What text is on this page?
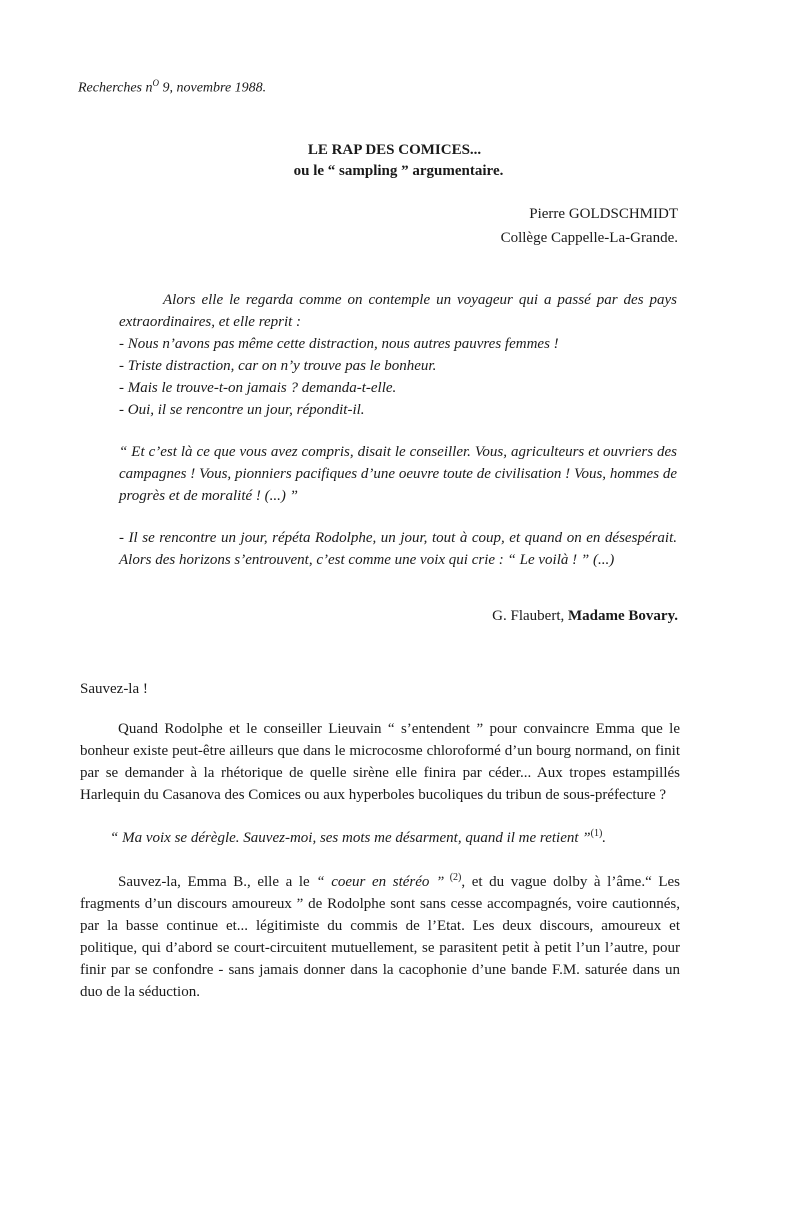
Recherches $n^O$ 9, novembre 1988.
LE RAP DES COMICES...
ou le “ sampling ” argumentaire.
Pierre GOLDSCHMIDT
Collège Cappelle-La-Grande.

Alors elle le regarda comme on contemple un voyageur qui a passé par des pays extraordinaires, et elle reprit :

- Nous n’avons pas même cette distraction, nous autres pauvres femmes !

- Triste distraction, car on n’y trouve pas le bonheur.

- Mais le trouve-t-on jamais ? demanda-t-elle.

- Oui, il se rencontre un jour, répondit-il.

“ Et c’est là ce que vous avez compris, disait le conseiller. Vous, agriculteurs et ouvriers des campagnes ! Vous, pionniers pacifiques d’une oeuvre toute de civilisation ! Vous, hommes de progrès et de moralité ! (...) ”

- Il se rencontre un jour, répéta Rodolphe, un jour, tout à coup, et quand on en désespérait. Alors des horizons s’entrouvent, c’est comme une voix qui crie : “ Le voilà ! ” (...)

G. Flaubert, Madame Bovary.

Sauvez-la !

Quand Rodolphe et le conseiller Lieuvain “ s’entendent ” pour convaincre Emma que le bonheur existe peut-être ailleurs que dans le microcosme chloroformé d’un bourg normand, on finit par se demander à la rhétorique de quelle sirène elle finira par céder... Aux tropes estampillés Harlequin du Casanova des Comices ou aux hyperboles bucoliques du tribun de sous-préfecture ?

“ Ma voix se dérègle. Sauvez-moi, ses mots me désarment, quand il me retient ”$^{(1)}$.

Sauvez-la, Emma B., elle a le “ coeur en stéréo ” $^{(2)}$, et du vague dolby à l’âme.“ Les fragments d’un discours amoureux ” de Rodolphe sont sans cesse accompagnés, voire cautionnés, par la basse continue et... légitimiste du commis de l’Etat. Les deux discours, amoureux et politique, qui d’abord se court-circuitent mutuellement, se parasitent petit à petit l’un l’autre, pour finir par se confondre - sans jamais donner dans la cacophonie d’une bande F.M. saturée dans un duo de la séduction.
